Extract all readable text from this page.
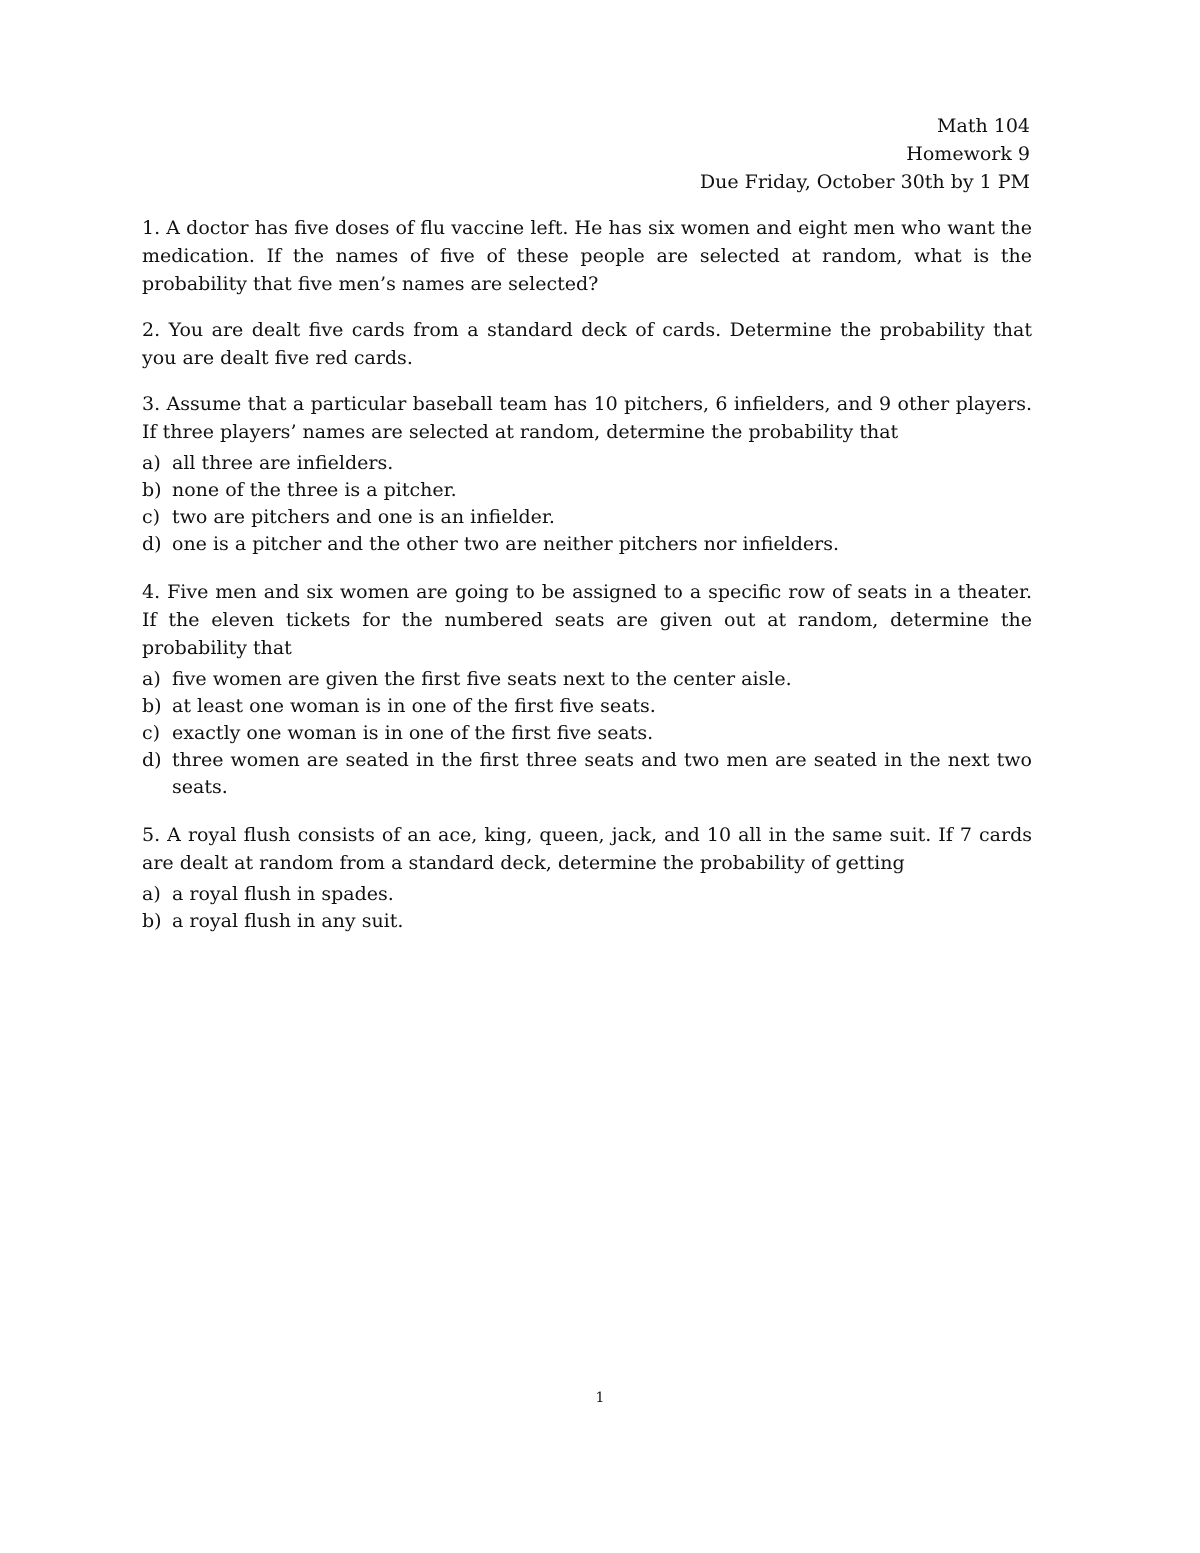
Math 104
Homework 9
Due Friday, October 30th by 1 PM
1. A doctor has five doses of flu vaccine left. He has six women and eight men who want the medication. If the names of five of these people are selected at random, what is the probability that five men’s names are selected?
2. You are dealt five cards from a standard deck of cards. Determine the probability that you are dealt five red cards.
3. Assume that a particular baseball team has 10 pitchers, 6 infielders, and 9 other players. If three players’ names are selected at random, determine the probability that
a) all three are infielders.
b) none of the three is a pitcher.
c) two are pitchers and one is an infielder.
d) one is a pitcher and the other two are neither pitchers nor infielders.
4. Five men and six women are going to be assigned to a specific row of seats in a theater. If the eleven tickets for the numbered seats are given out at random, determine the probability that
a) five women are given the first five seats next to the center aisle.
b) at least one woman is in one of the first five seats.
c) exactly one woman is in one of the first five seats.
d) three women are seated in the first three seats and two men are seated in the next two seats.
5. A royal flush consists of an ace, king, queen, jack, and 10 all in the same suit. If 7 cards are dealt at random from a standard deck, determine the probability of getting
a) a royal flush in spades.
b) a royal flush in any suit.
1
